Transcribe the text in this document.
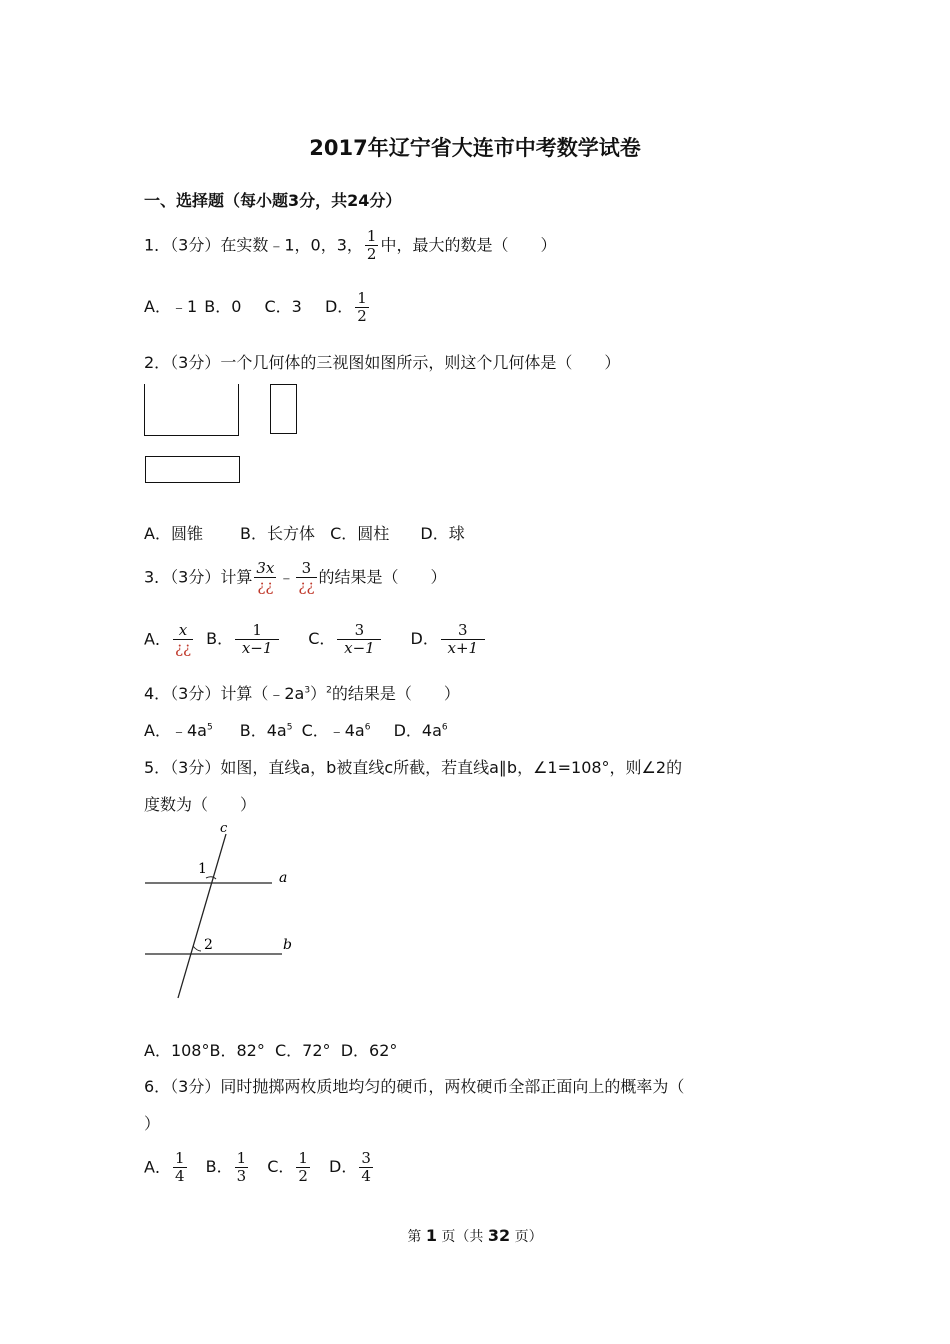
2017年辽宁省大连市中考数学试卷
一、选择题（每小题3分，共24分）
1．（3分）在实数﹣1，0，3， $\frac{1}{2}$ 中，最大的数是（　　）
A．﹣1 B．0 C．3 D． $\frac{1}{2}$
2．（3分）一个几何体的三视图如图所示，则这个几何体是（　　）
A．圆锥 B．长方体 C．圆柱 D．球
3．（3分）计算 $\frac{3x}{¿¿}$ ﹣ $\frac{3}{¿¿}$ 的结果是（　　）
A． $\frac{x}{¿¿}$ B． $\frac{1}{x-1}$ C． $\frac{3}{x-1}$ D． $\frac{3}{x+1}$
4．（3分）计算$(﹣2a^3)^2$的结果是（　　）
A．$﹣4a^5$ B．$4a^5$ C．$﹣4a^6$ D．$4a^6$
5．（3分）如图，直线a，b被直线c所截，若直线a∥b，∠1=108°，则∠2的
度数为（　　）
c
a
b
1
2
A．108°B．82°  C．72°  D．62°
6．（3分）同时抛掷两枚质地均匀的硬币，两枚硬币全部正面向上的概率为（
）
A． $\frac{1}{4}$ B． $\frac{1}{3}$ C． $\frac{1}{2}$ D． $\frac{3}{4}$
第 1 页（共 32 页）
